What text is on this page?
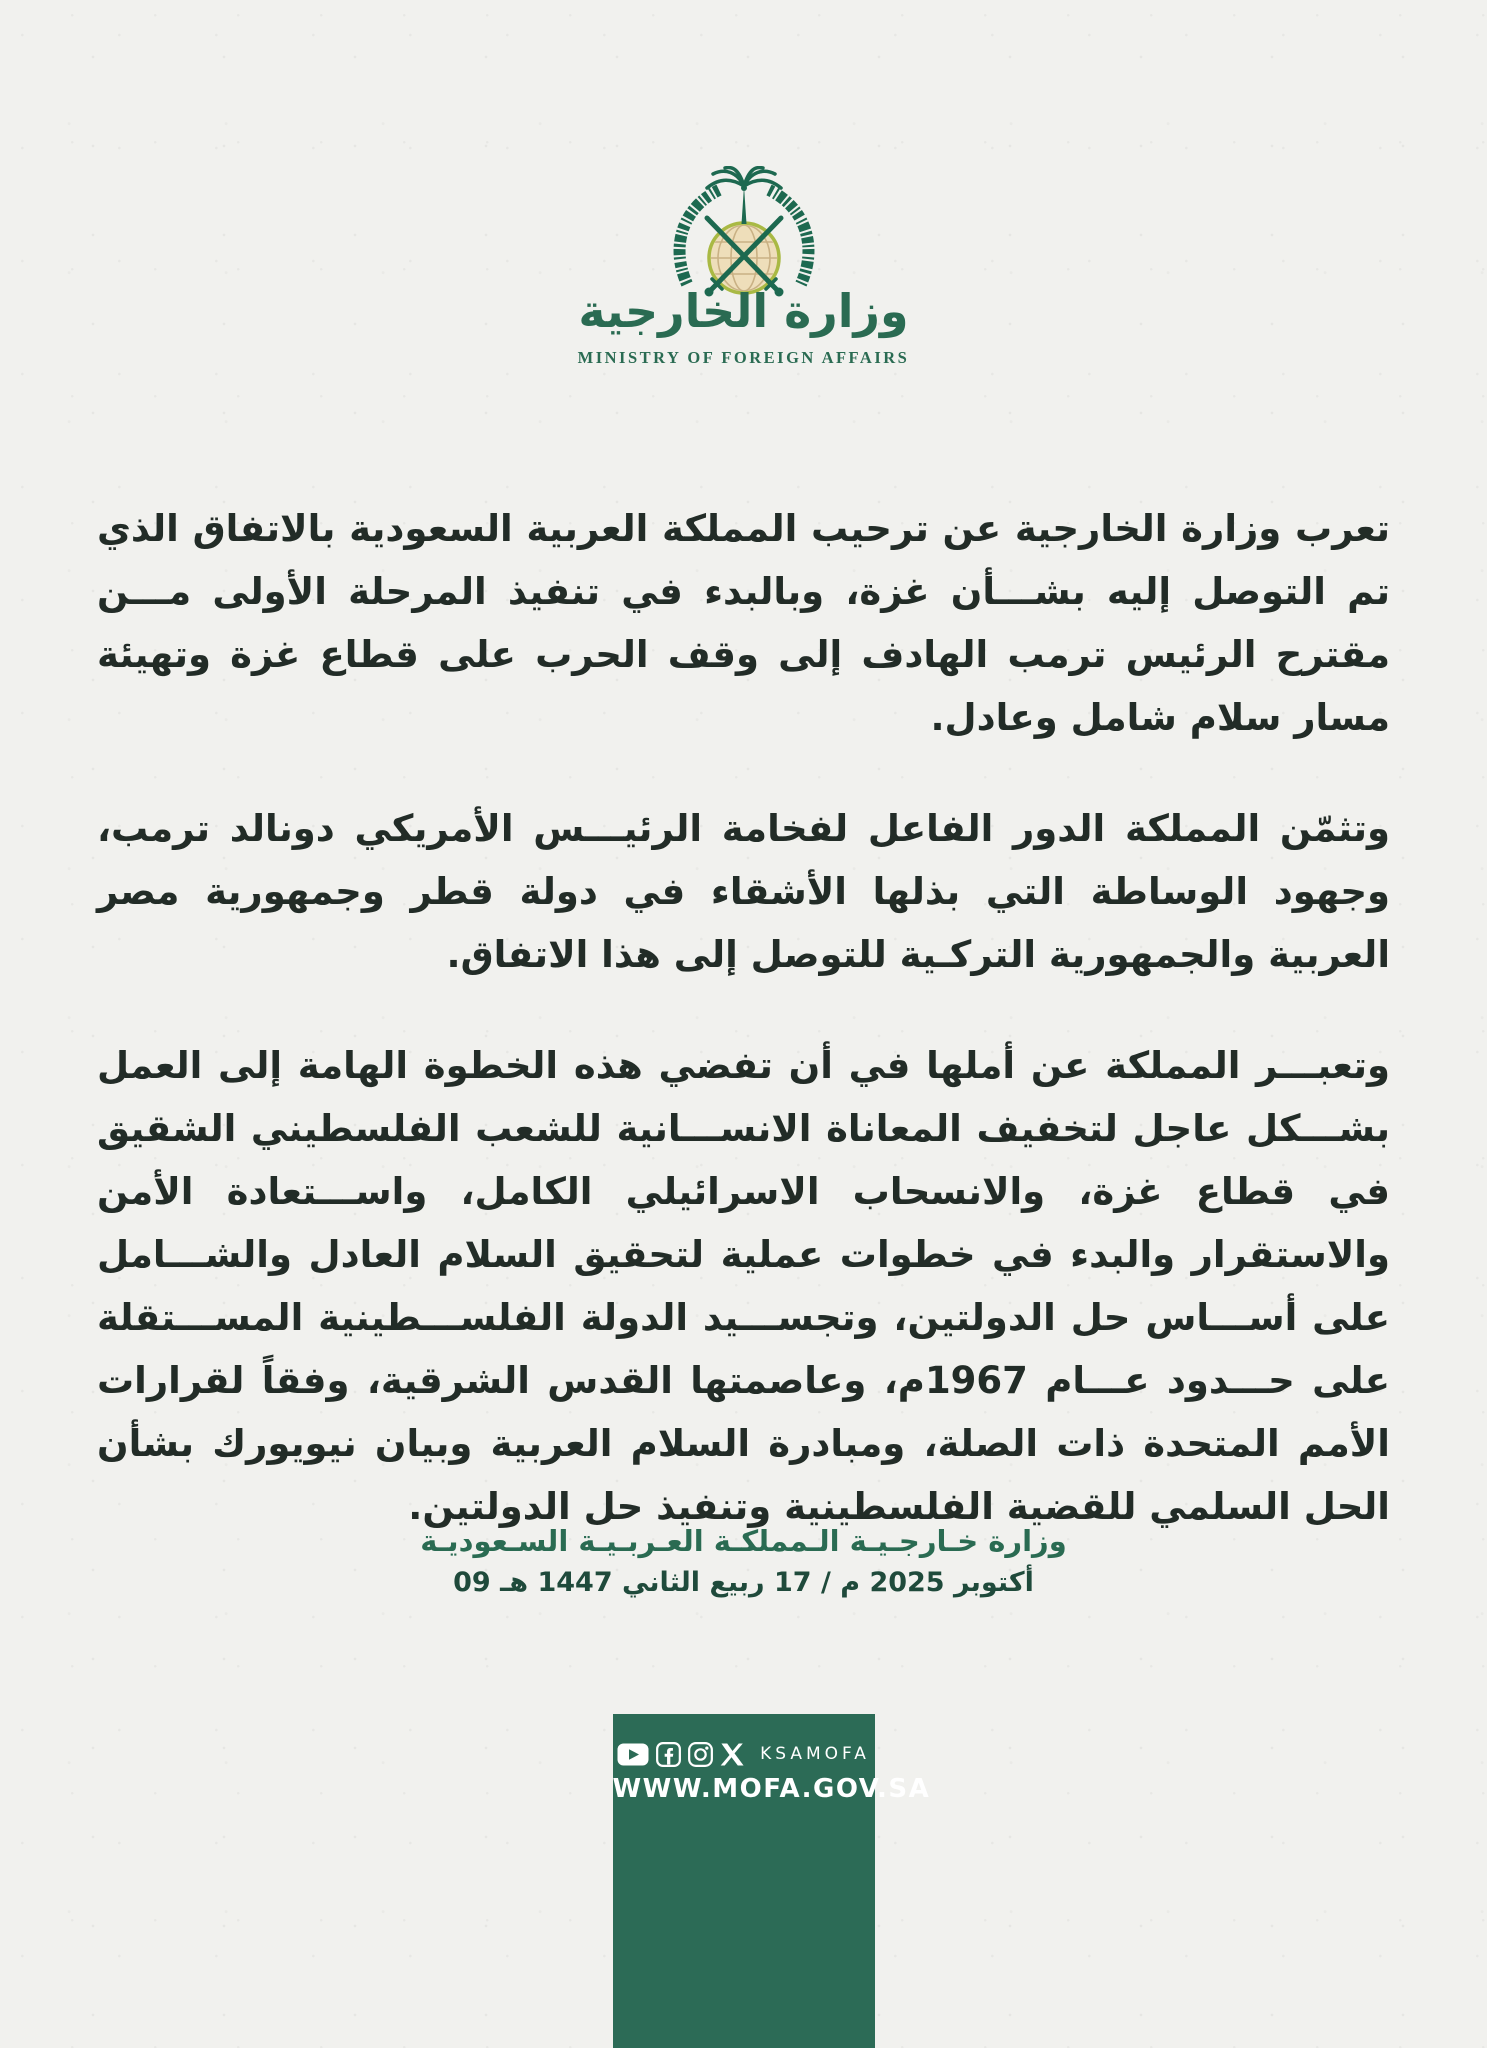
وزارة الخارجية
MINISTRY OF FOREIGN AFFAIRS

تعرب وزارة الخارجية عن ترحيب المملكة العربية السعودية بالاتفاق الذي تم التوصل إليه بشـــأن غزة، وبالبدء في تنفيذ المرحلة الأولى مـــن مقترح الرئيس ترمب الهادف إلى وقف الحرب على قطاع غزة وتهيئة مسار سلام شامل وعادل.

وتثمّن المملكة الدور الفاعل لفخامة الرئيـــس الأمريكي دونالد ترمب، وجهود الوساطة التي بذلها الأشقاء في دولة قطر وجمهورية مصر العربية والجمهورية التركـية للتوصل إلى هذا الاتفاق.

وتعبـــر المملكة عن أملها في أن تفضي هذه الخطوة الهامة إلى العمل بشـــكل عاجل لتخفيف المعاناة الانســـانية للشعب الفلسطيني الشقيق في قطاع غزة، والانسحاب الاسرائيلي الكامل، واســـتعادة الأمن والاستقرار والبدء في خطوات عملية لتحقيق السلام العادل والشـــامل على أســـاس حل الدولتين، وتجســـيد الدولة الفلســـطينية المســـتقلة على حـــدود عـــام 1967م، وعاصمتها القدس الشرقية، وفقاً لقرارات الأمم المتحدة ذات الصلة، ومبادرة السلام العربية وبيان نيويورك بشأن الحل السلمي للقضية الفلسطينية وتنفيذ حل الدولتين.

وزارة خـارجـيـة الـمملكـة العـربـيـة السـعوديـة
09 أكتوبر 2025 م / 17 ربيع الثاني 1447 هـ
KSAMOFA
WWW.MOFA.GOV.SA
